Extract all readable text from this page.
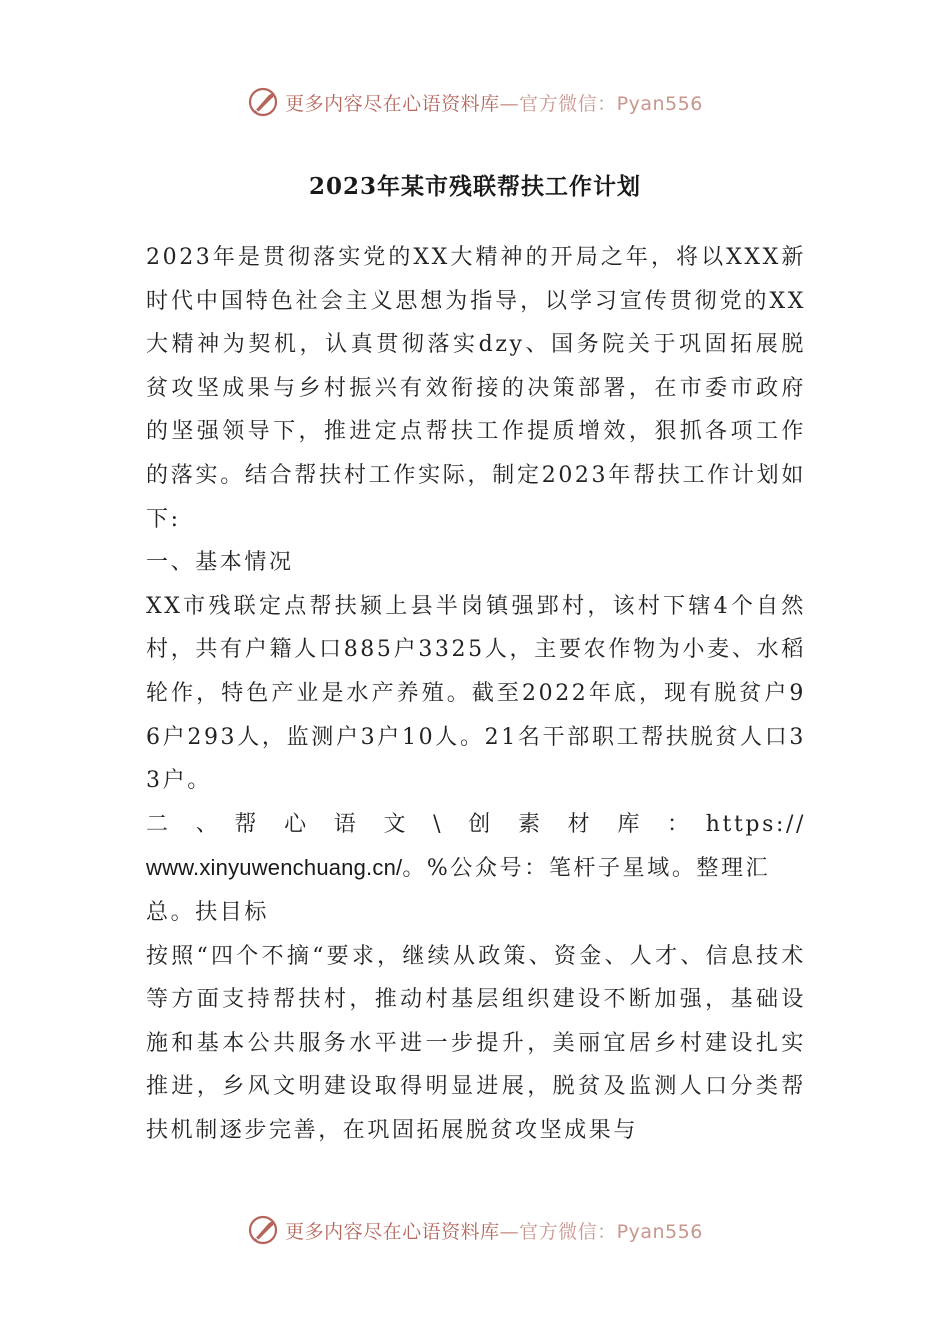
更多内容尽在心语资料库—官方微信：Pyan556
2023年某市残联帮扶工作计划

2023年是贯彻落实党的XX大精神的开局之年，将以XXX新时代中国特色社会主义思想为指导，以学习宣传贯彻党的XX大精神为契机，认真贯彻落实dzy、国务院关于巩固拓展脱贫攻坚成果与乡村振兴有效衔接的决策部署，在市委市政府的坚强领导下，推进定点帮扶工作提质增效，狠抓各项工作的落实。结合帮扶村工作实际，制定2023年帮扶工作计划如下:

一、基本情况

XX市残联定点帮扶颍上县半岗镇强郢村，该村下辖4个自然村，共有户籍人口885户3325人，主要农作物为小麦、水稻轮作，特色产业是水产养殖。截至2022年底，现有脱贫户96户293人，监测户3户10人。21名干部职工帮扶脱贫人口33户。

二　、　帮　心　语　文　\　创　素　材　库　：　https://

www.xinyuwenchuang.cn/。%公众号：笔杆子星域。整理汇

总。扶目标

按照“四个不摘“要求，继续从政策、资金、人才、信息技术等方面支持帮扶村，推动村基层组织建设不断加强，基础设施和基本公共服务水平进一步提升，美丽宜居乡村建设扎实推进，乡风文明建设取得明显进展，脱贫及监测人口分类帮扶机制逐步完善，在巩固拓展脱贫攻坚成果与

更多内容尽在心语资料库—官方微信：Pyan556
